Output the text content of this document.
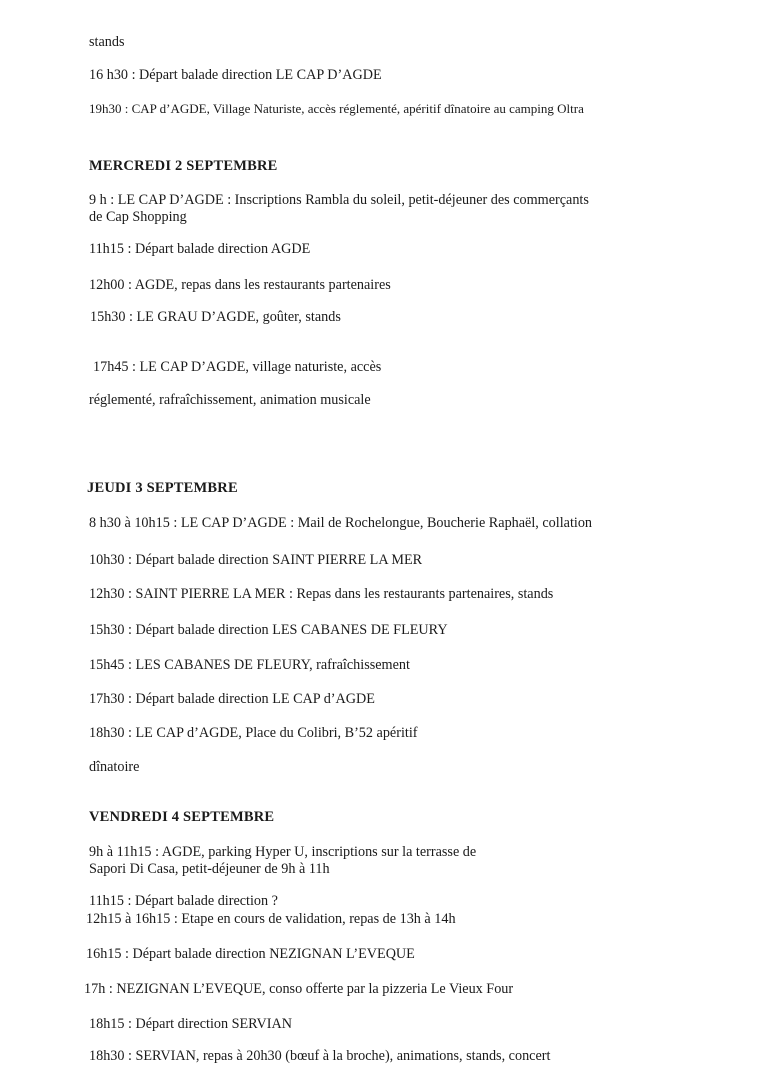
stands
16 h30 : Départ balade direction LE CAP D’AGDE
19h30 : CAP d’AGDE, Village Naturiste, accès réglementé, apéritif dînatoire au camping Oltra
MERCREDI 2 SEPTEMBRE
9 h : LE CAP D’AGDE : Inscriptions Rambla du soleil, petit-déjeuner des commerçants
de Cap Shopping
11h15 : Départ balade direction AGDE
12h00 : AGDE, repas dans les restaurants partenaires
15h30 : LE GRAU D’AGDE, goûter, stands
17h45 : LE CAP D’AGDE, village naturiste, accès
réglementé, rafraîchissement, animation musicale
JEUDI 3 SEPTEMBRE
8 h30 à 10h15 : LE CAP D’AGDE : Mail de Rochelongue, Boucherie Raphaël, collation
10h30 : Départ balade direction SAINT PIERRE LA MER
12h30 : SAINT PIERRE LA MER : Repas dans les restaurants partenaires, stands
15h30 : Départ balade direction LES CABANES DE FLEURY
15h45 : LES CABANES DE FLEURY, rafraîchissement
17h30 : Départ balade direction LE CAP d’AGDE
18h30 : LE CAP d’AGDE, Place du Colibri, B’52 apéritif
dînatoire
VENDREDI 4 SEPTEMBRE
9h à 11h15 : AGDE, parking Hyper U, inscriptions sur la terrasse de
Sapori Di Casa, petit-déjeuner de 9h à 11h
11h15 : Départ balade direction ?
12h15 à 16h15 : Etape en cours de validation, repas de 13h à 14h
16h15 : Départ balade direction NEZIGNAN L’EVEQUE
17h : NEZIGNAN L’EVEQUE, conso offerte par la pizzeria Le Vieux Four
18h15 : Départ direction SERVIAN
18h30 : SERVIAN, repas à 20h30 (bœuf à la broche), animations, stands, concert
